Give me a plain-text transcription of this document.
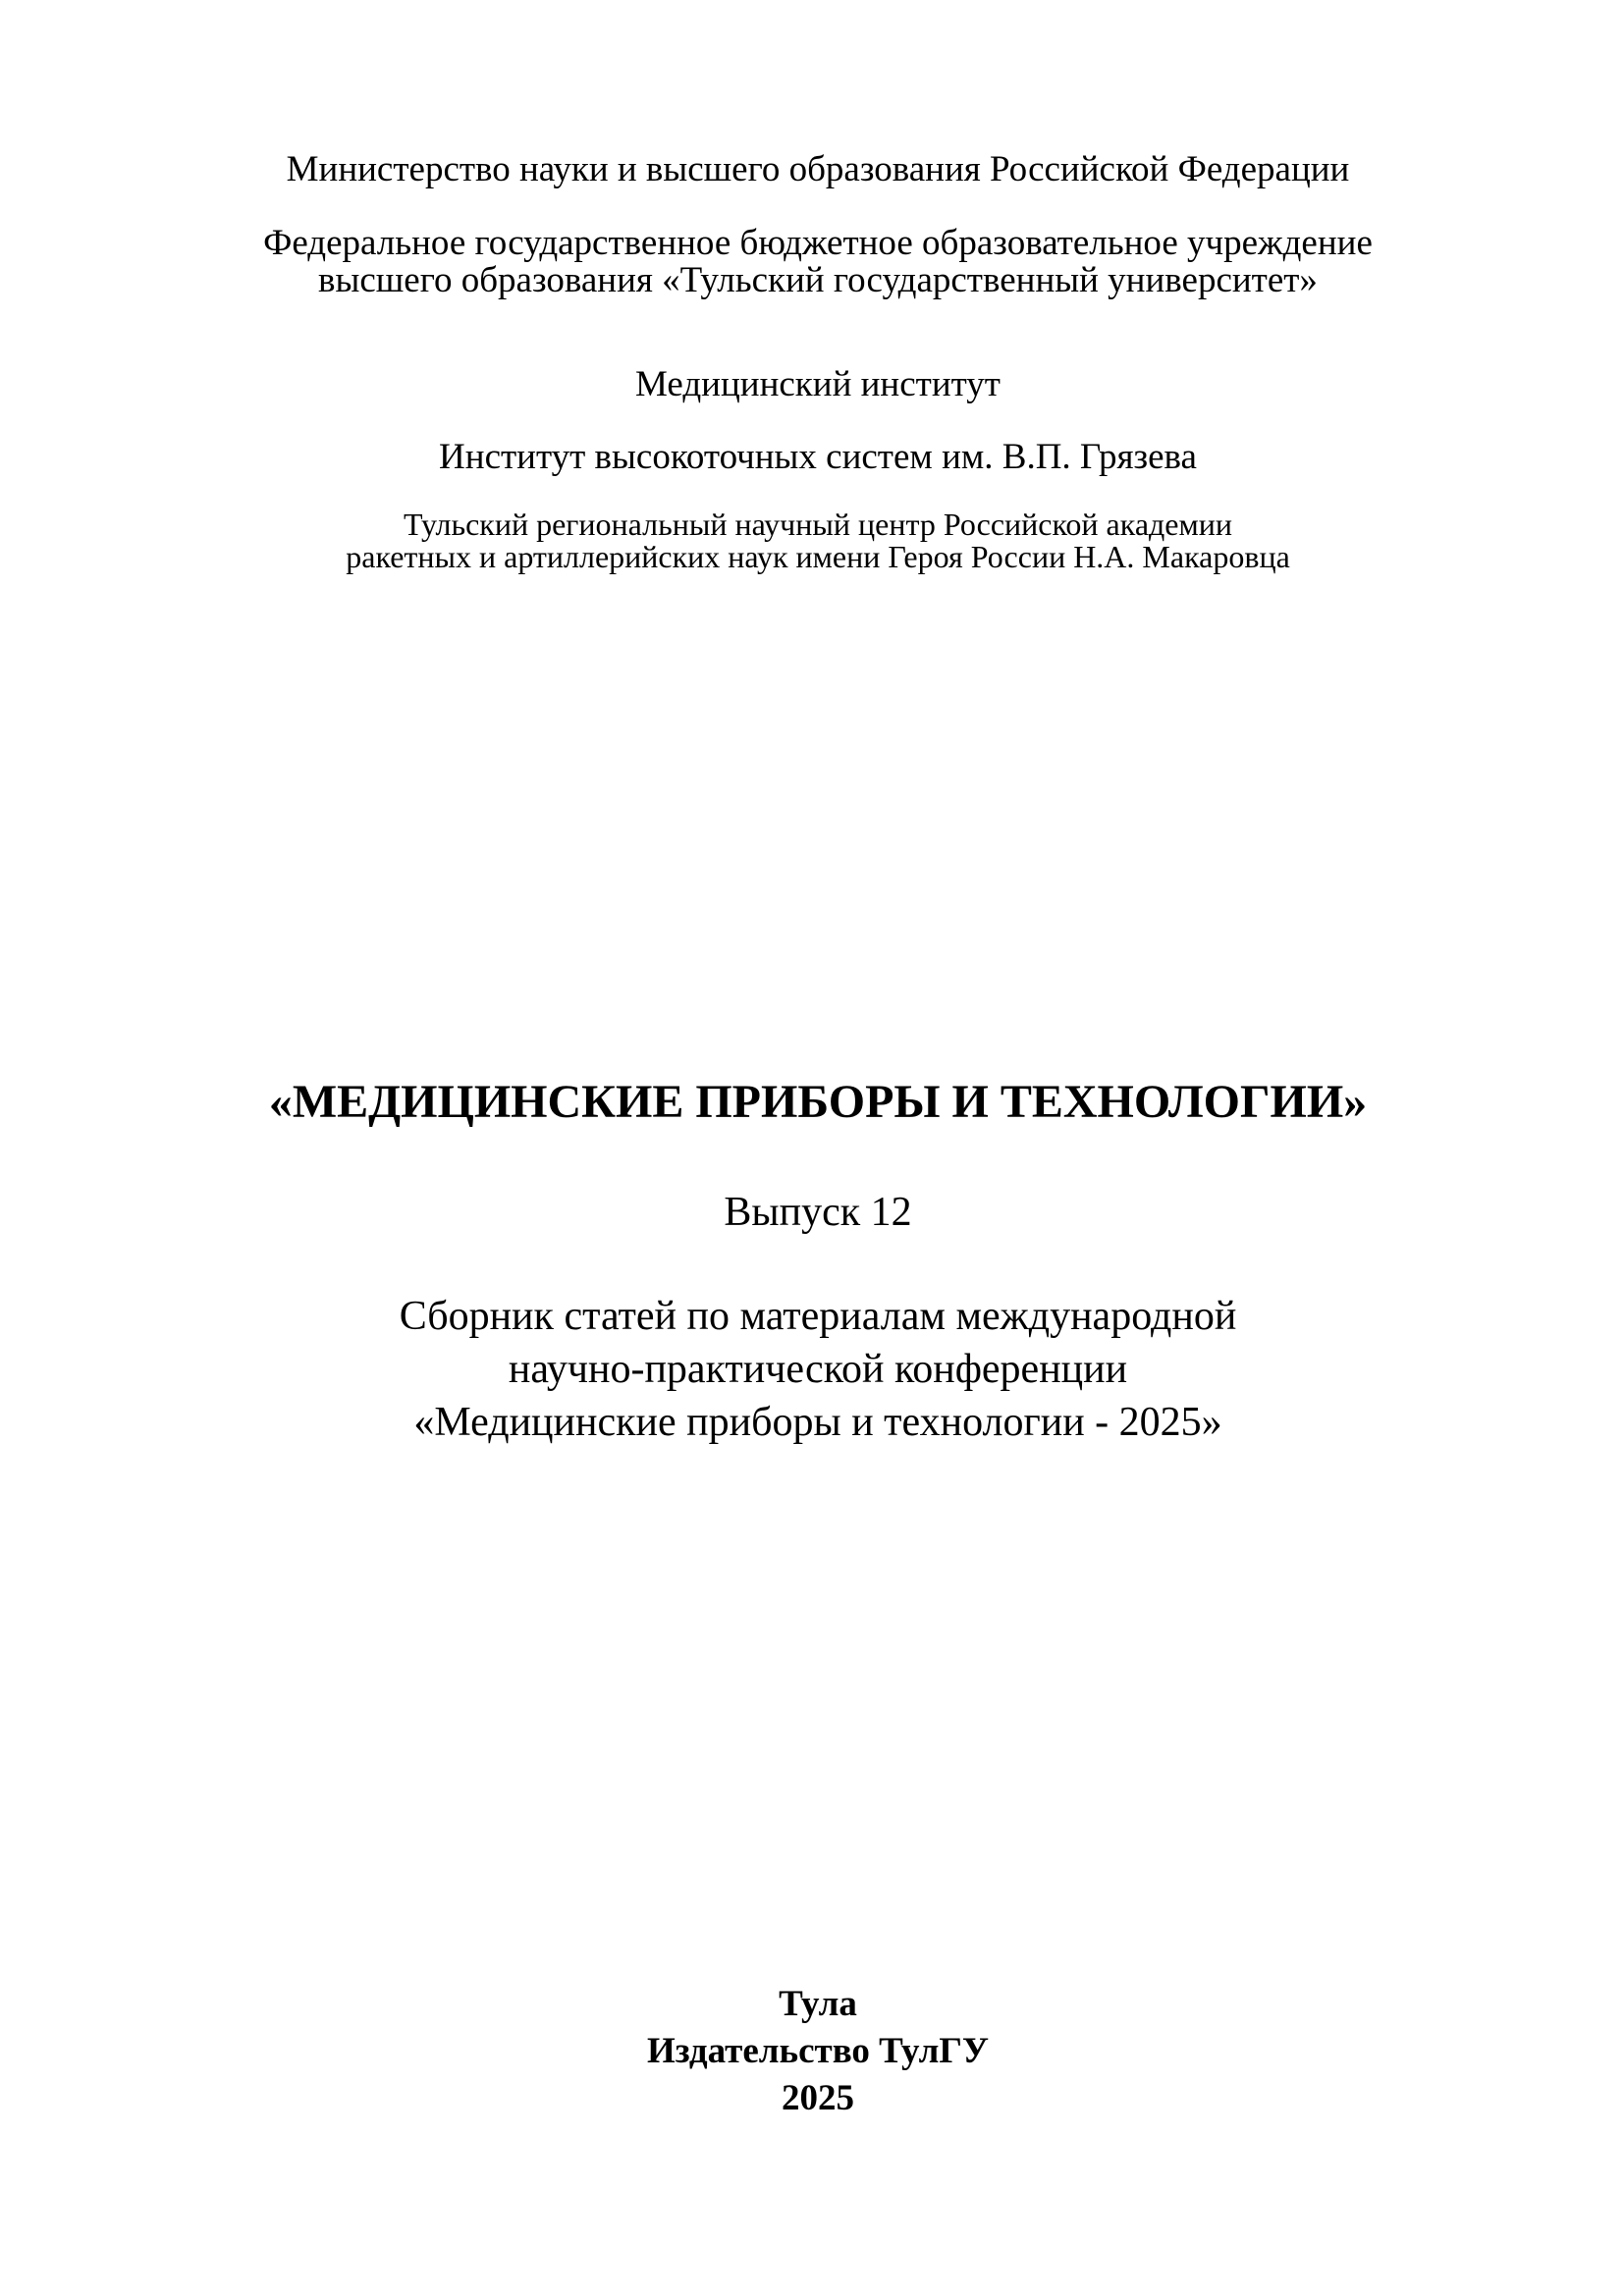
Министерство науки и высшего образования Российской Федерации
Федеральное государственное бюджетное образовательное учреждение
высшего образования «Тульский государственный университет»
Медицинский институт
Институт высокоточных систем им. В.П. Грязева
Тульский региональный научный центр Российской академии
ракетных и артиллерийских наук имени Героя России Н.А. Макаровца
«МЕДИЦИНСКИЕ ПРИБОРЫ И ТЕХНОЛОГИИ»
Выпуск 12
Сборник статей по материалам международной
научно-практической конференции
«Медицинские приборы и технологии - 2025»
Тула
Издательство ТулГУ
2025
